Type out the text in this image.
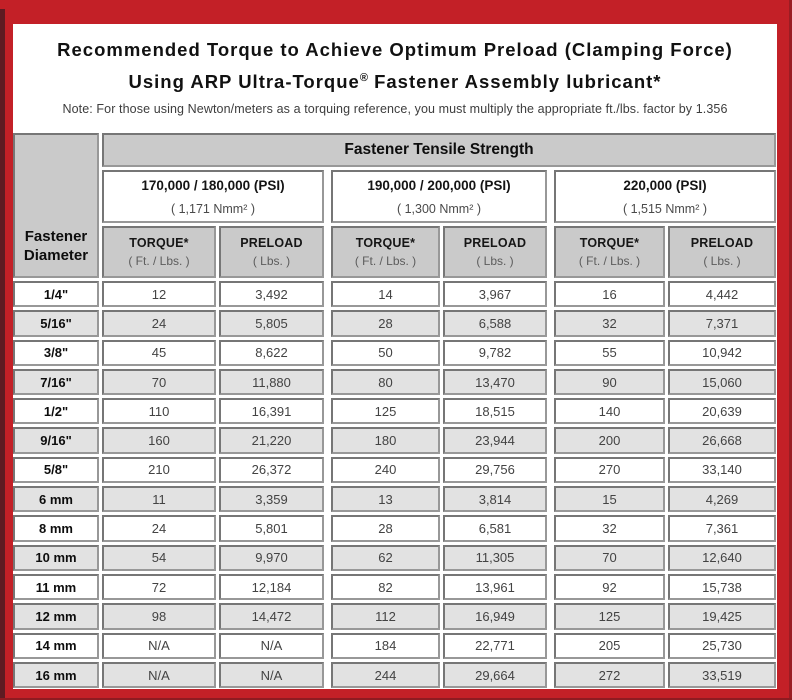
Recommended Torque to Achieve Optimum Preload (Clamping Force)
Using ARP Ultra-Torque® Fastener Assembly lubricant*
Note: For those using Newton/meters as a torquing reference, you must multiply the appropriate ft./lbs. factor by 1.356
Fastener Diameter
Fastener Tensile Strength
170,000 / 180,000 (PSI)
( 1,171 Nmm² )
190,000 / 200,000 (PSI)
( 1,300 Nmm² )
220,000 (PSI)
( 1,515 Nmm² )
TORQUE*
( Ft. / Lbs. )
PRELOAD
( Lbs. )
TORQUE*
( Ft. / Lbs. )
PRELOAD
( Lbs. )
TORQUE*
( Ft. / Lbs. )
PRELOAD
( Lbs. )
1/4"	12	3,492	14	3,967	16	4,442
5/16"	24	5,805	28	6,588	32	7,371
3/8"	45	8,622	50	9,782	55	10,942
7/16"	70	11,880	80	13,470	90	15,060
1/2"	110	16,391	125	18,515	140	20,639
9/16"	160	21,220	180	23,944	200	26,668
5/8"	210	26,372	240	29,756	270	33,140
6 mm	11	3,359	13	3,814	15	4,269
8 mm	24	5,801	28	6,581	32	7,361
10 mm	54	9,970	62	11,305	70	12,640
11 mm	72	12,184	82	13,961	92	15,738
12 mm	98	14,472	112	16,949	125	19,425
14 mm	N/A	N/A	184	22,771	205	25,730
16 mm	N/A	N/A	244	29,664	272	33,519
